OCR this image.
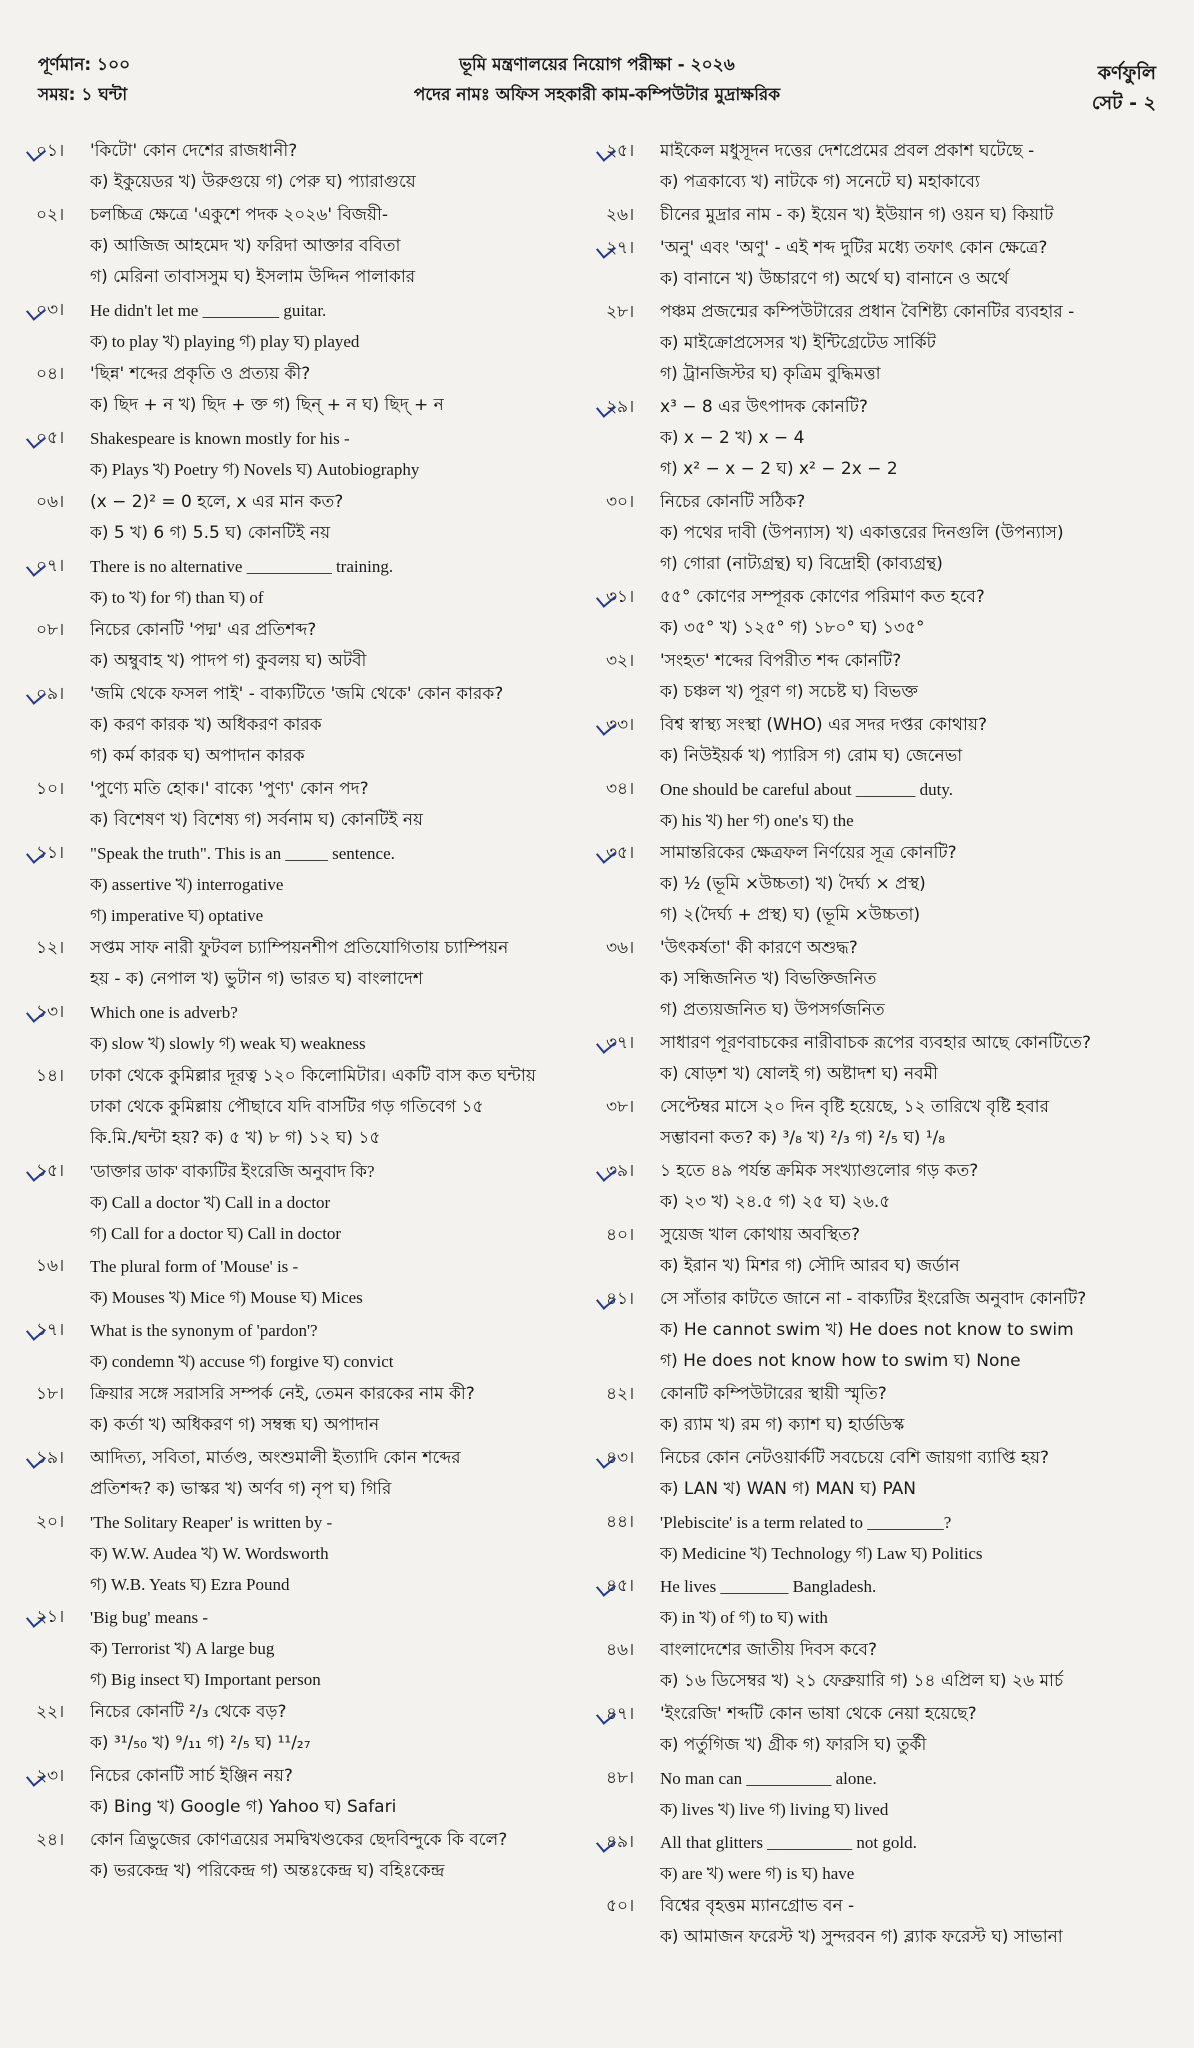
পূর্ণমান: ১০০
সময়: ১ ঘন্টা
ভূমি মন্ত্রণালয়ের নিয়োগ পরীক্ষা - ২০২৬
পদের নামঃ অফিস সহকারী কাম-কম্পিউটার মুদ্রাক্ষরিক
কর্ণফুলি
সেট - ২
০১।	'কিটো' কোন দেশের রাজধানী?
ক) ইকুয়েডর খ) উরুগুয়ে গ) পেরু ঘ) প্যারাগুয়ে
০২।	চলচ্চিত্র ক্ষেত্রে 'একুশে পদক ২০২৬' বিজয়ী-
ক) আজিজ আহমেদ খ) ফরিদা আক্তার ববিতা
গ) মেরিনা তাবাসসুম ঘ) ইসলাম উদ্দিন পালাকার
০৩।	He didn't let me _________ guitar.
ক) to play খ) playing গ) play ঘ) played
০৪।	'ছিন্ন' শব্দের প্রকৃতি ও প্রত্যয় কী?
ক) ছিদ + ন খ) ছিদ + ক্ত গ) ছিন্ + ন ঘ) ছিদ্ + ন
০৫।	Shakespeare is known mostly for his -
ক) Plays খ) Poetry গ) Novels ঘ) Autobiography
০৬।	(x − 2)² = 0 হলে, x এর মান কত?
ক) 5 খ) 6 গ) 5.5 ঘ) কোনটিই নয়
০৭।	There is no alternative __________ training.
ক) to খ) for গ) than ঘ) of
০৮।	নিচের কোনটি 'পদ্ম' এর প্রতিশব্দ?
ক) অম্বুবাহ খ) পাদপ গ) কুবলয় ঘ) অটবী
০৯।	'জমি থেকে ফসল পাই' - বাক্যটিতে 'জমি থেকে' কোন কারক?
ক) করণ কারক খ) অধিকরণ কারক
গ) কর্ম কারক ঘ) অপাদান কারক
১০।	'পুণ্যে মতি হোক।' বাক্যে 'পুণ্য' কোন পদ?
ক) বিশেষণ খ) বিশেষ্য গ) সর্বনাম ঘ) কোনটিই নয়
১১।	"Speak the truth". This is an _____ sentence.
ক) assertive খ) interrogative
গ) imperative ঘ) optative
১২।	সপ্তম সাফ নারী ফুটবল চ্যাম্পিয়নশীপ প্রতিযোগিতায় চ্যাম্পিয়ন
হয় - ক) নেপাল খ) ভুটান গ) ভারত ঘ) বাংলাদেশ
১৩।	Which one is adverb?
ক) slow খ) slowly গ) weak ঘ) weakness
১৪।	ঢাকা থেকে কুমিল্লার দূরত্ব ১২০ কিলোমিটার। একটি বাস কত ঘন্টায়
ঢাকা থেকে কুমিল্লায় পৌছাবে যদি বাসটির গড় গতিবেগ ১৫
কি.মি./ঘন্টা হয়? ক) ৫ খ) ৮ গ) ১২ ঘ) ১৫
১৫।	'ডাক্তার ডাক' বাক্যটির ইংরেজি অনুবাদ কি?
ক) Call a doctor খ) Call in a doctor
গ) Call for a doctor ঘ) Call in doctor
১৬।	The plural form of 'Mouse' is -
ক) Mouses খ) Mice গ) Mouse ঘ) Mices
১৭।	What is the synonym of 'pardon'?
ক) condemn খ) accuse গ) forgive ঘ) convict
১৮।	ক্রিয়ার সঙ্গে সরাসরি সম্পর্ক নেই, তেমন কারকের নাম কী?
ক) কর্তা খ) অধিকরণ গ) সম্বন্ধ ঘ) অপাদান
১৯।	আদিত্য, সবিতা, মার্তণ্ড, অংশুমালী ইত্যাদি কোন শব্দের
প্রতিশব্দ? ক) ভাস্কর খ) অর্ণব গ) নৃপ ঘ) গিরি
২০।	'The Solitary Reaper' is written by -
ক) W.W. Audea খ) W. Wordsworth
গ) W.B. Yeats ঘ) Ezra Pound
২১।	'Big bug' means -
ক) Terrorist খ) A large bug
গ) Big insect ঘ) Important person
২২।	নিচের কোনটি ²/₃ থেকে বড়?
ক) ³¹/₅₀ খ) ⁹/₁₁ গ) ²/₅ ঘ) ¹¹/₂₇
২৩।	নিচের কোনটি সার্চ ইঞ্জিন নয়?
ক) Bing খ) Google গ) Yahoo ঘ) Safari
২৪।	কোন ত্রিভুজের কোণত্রয়ের সমদ্বিখণ্ডকের ছেদবিন্দুকে কি বলে?
ক) ভরকেন্দ্র খ) পরিকেন্দ্র গ) অন্তঃকেন্দ্র ঘ) বহিঃকেন্দ্র
২৫।	মাইকেল মধুসূদন দত্তের দেশপ্রেমের প্রবল প্রকাশ ঘটেছে -
ক) পত্রকাব্যে খ) নাটকে গ) সনেটে ঘ) মহাকাব্যে
২৬।	চীনের মুদ্রার নাম - ক) ইয়েন খ) ইউয়ান গ) ওয়ন ঘ) কিয়াট
২৭।	'অনু' এবং 'অণু' - এই শব্দ দুটির মধ্যে তফাৎ কোন ক্ষেত্রে?
ক) বানানে খ) উচ্চারণে গ) অর্থে ঘ) বানানে ও অর্থে
২৮।	পঞ্চম প্রজন্মের কম্পিউটারের প্রধান বৈশিষ্ট্য কোনটির ব্যবহার -
ক) মাইক্রোপ্রসেসর খ) ইন্টিগ্রেটেড সার্কিট
গ) ট্রানজিস্টর ঘ) কৃত্রিম বুদ্ধিমত্তা
২৯।	x³ − 8 এর উৎপাদক কোনটি?
ক) x − 2 খ) x − 4
গ) x² − x − 2 ঘ) x² − 2x − 2
৩০।	নিচের কোনটি সঠিক?
ক) পথের দাবী (উপন্যাস) খ) একাত্তরের দিনগুলি (উপন্যাস)
গ) গোরা (নাট্যগ্রন্থ) ঘ) বিদ্রোহী (কাব্যগ্রন্থ)
৩১।	৫৫° কোণের সম্পূরক কোণের পরিমাণ কত হবে?
ক) ৩৫° খ) ১২৫° গ) ১৮০° ঘ) ১৩৫°
৩২।	'সংহত' শব্দের বিপরীত শব্দ কোনটি?
ক) চঞ্চল খ) পূরণ গ) সচেষ্ট ঘ) বিভক্ত
৩৩।	বিশ্ব স্বাস্থ্য সংস্থা (WHO) এর সদর দপ্তর কোথায়?
ক) নিউইয়র্ক খ) প্যারিস গ) রোম ঘ) জেনেভা
৩৪।	One should be careful about _______ duty.
ক) his খ) her গ) one's ঘ) the
৩৫।	সামান্তরিকের ক্ষেত্রফল নির্ণয়ের সূত্র কোনটি?
ক) ½ (ভূমি ×উচ্চতা) খ) দৈর্ঘ্য × প্রস্থ)
গ) ২(দৈর্ঘ্য + প্রস্থ) ঘ) (ভূমি ×উচ্চতা)
৩৬।	'উৎকর্ষতা' কী কারণে অশুদ্ধ?
ক) সন্ধিজনিত খ) বিভক্তিজনিত
গ) প্রত্যয়জনিত ঘ) উপসর্গজনিত
৩৭।	সাধারণ পূরণবাচকের নারীবাচক রূপের ব্যবহার আছে কোনটিতে?
ক) ষোড়শ খ) ষোলই গ) অষ্টাদশ ঘ) নবমী
৩৮।	সেপ্টেম্বর মাসে ২০ দিন বৃষ্টি হয়েছে, ১২ তারিখে বৃষ্টি হবার
সম্ভাবনা কত? ক) ³/₈ খ) ²/₃ গ) ²/₅ ঘ) ¹/₈
৩৯।	১ হতে ৪৯ পর্যন্ত ক্রমিক সংখ্যাগুলোর গড় কত?
ক) ২৩ খ) ২৪.৫ গ) ২৫ ঘ) ২৬.৫
৪০।	সুয়েজ খাল কোথায় অবস্থিত?
ক) ইরান খ) মিশর গ) সৌদি আরব ঘ) জর্ডান
৪১।	সে সাঁতার কাটতে জানে না - বাক্যটির ইংরেজি অনুবাদ কোনটি?
ক) He cannot swim খ) He does not know to swim
গ) He does not know how to swim ঘ) None
৪২।	কোনটি কম্পিউটারের স্থায়ী স্মৃতি?
ক) র‍্যাম খ) রম গ) ক্যাশ ঘ) হার্ডডিস্ক
৪৩।	নিচের কোন নেটওয়ার্কটি সবচেয়ে বেশি জায়গা ব্যাপ্তি হয়?
ক) LAN খ) WAN গ) MAN ঘ) PAN
৪৪।	'Plebiscite' is a term related to _________?
ক) Medicine খ) Technology গ) Law ঘ) Politics
৪৫।	He lives ________ Bangladesh.
ক) in খ) of গ) to ঘ) with
৪৬।	বাংলাদেশের জাতীয় দিবস কবে?
ক) ১৬ ডিসেম্বর খ) ২১ ফেব্রুয়ারি গ) ১৪ এপ্রিল ঘ) ২৬ মার্চ
৪৭।	'ইংরেজি' শব্দটি কোন ভাষা থেকে নেয়া হয়েছে?
ক) পর্তুগিজ খ) গ্রীক গ) ফারসি ঘ) তুর্কী
৪৮।	No man can __________ alone.
ক) lives খ) live গ) living ঘ) lived
৪৯।	All that glitters __________ not gold.
ক) are খ) were গ) is ঘ) have
৫০।	বিশ্বের বৃহত্তম ম্যানগ্রোভ বন -
ক) আমাজন ফরেস্ট খ) সুন্দরবন গ) ব্ল্যাক ফরেস্ট ঘ) সাভানা
